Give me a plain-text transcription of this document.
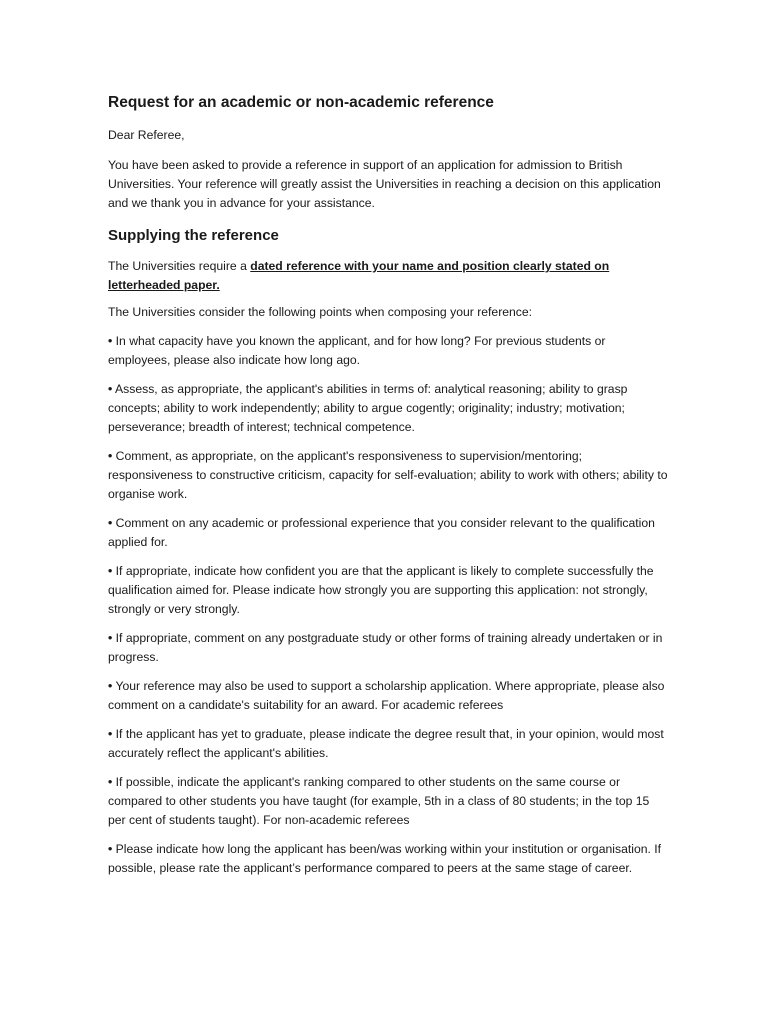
Request for an academic or non-academic reference

Dear Referee,

You have been asked to provide a reference in support of an application for admission to British Universities. Your reference will greatly assist the Universities in reaching a decision on this application and we thank you in advance for your assistance.

Supplying the reference

The Universities require a dated reference with your name and position clearly stated on letterheaded paper.

The Universities consider the following points when composing your reference:

• In what capacity have you known the applicant, and for how long? For previous students or employees, please also indicate how long ago.

• Assess, as appropriate, the applicant's abilities in terms of: analytical reasoning; ability to grasp concepts; ability to work independently; ability to argue cogently; originality; industry; motivation; perseverance; breadth of interest; technical competence.

• Comment, as appropriate, on the applicant's responsiveness to supervision/mentoring; responsiveness to constructive criticism, capacity for self-evaluation; ability to work with others; ability to organise work.

• Comment on any academic or professional experience that you consider relevant to the qualification applied for.

• If appropriate, indicate how confident you are that the applicant is likely to complete successfully the qualification aimed for. Please indicate how strongly you are supporting this application: not strongly, strongly or very strongly.

• If appropriate, comment on any postgraduate study or other forms of training already undertaken or in progress.

• Your reference may also be used to support a scholarship application. Where appropriate, please also comment on a candidate's suitability for an award. For academic referees

• If the applicant has yet to graduate, please indicate the degree result that, in your opinion, would most accurately reflect the applicant's abilities.

• If possible, indicate the applicant's ranking compared to other students on the same course or compared to other students you have taught (for example, 5th in a class of 80 students; in the top 15 per cent of students taught). For non-academic referees

• Please indicate how long the applicant has been/was working within your institution or organisation. If possible, please rate the applicant’s performance compared to peers at the same stage of career.
